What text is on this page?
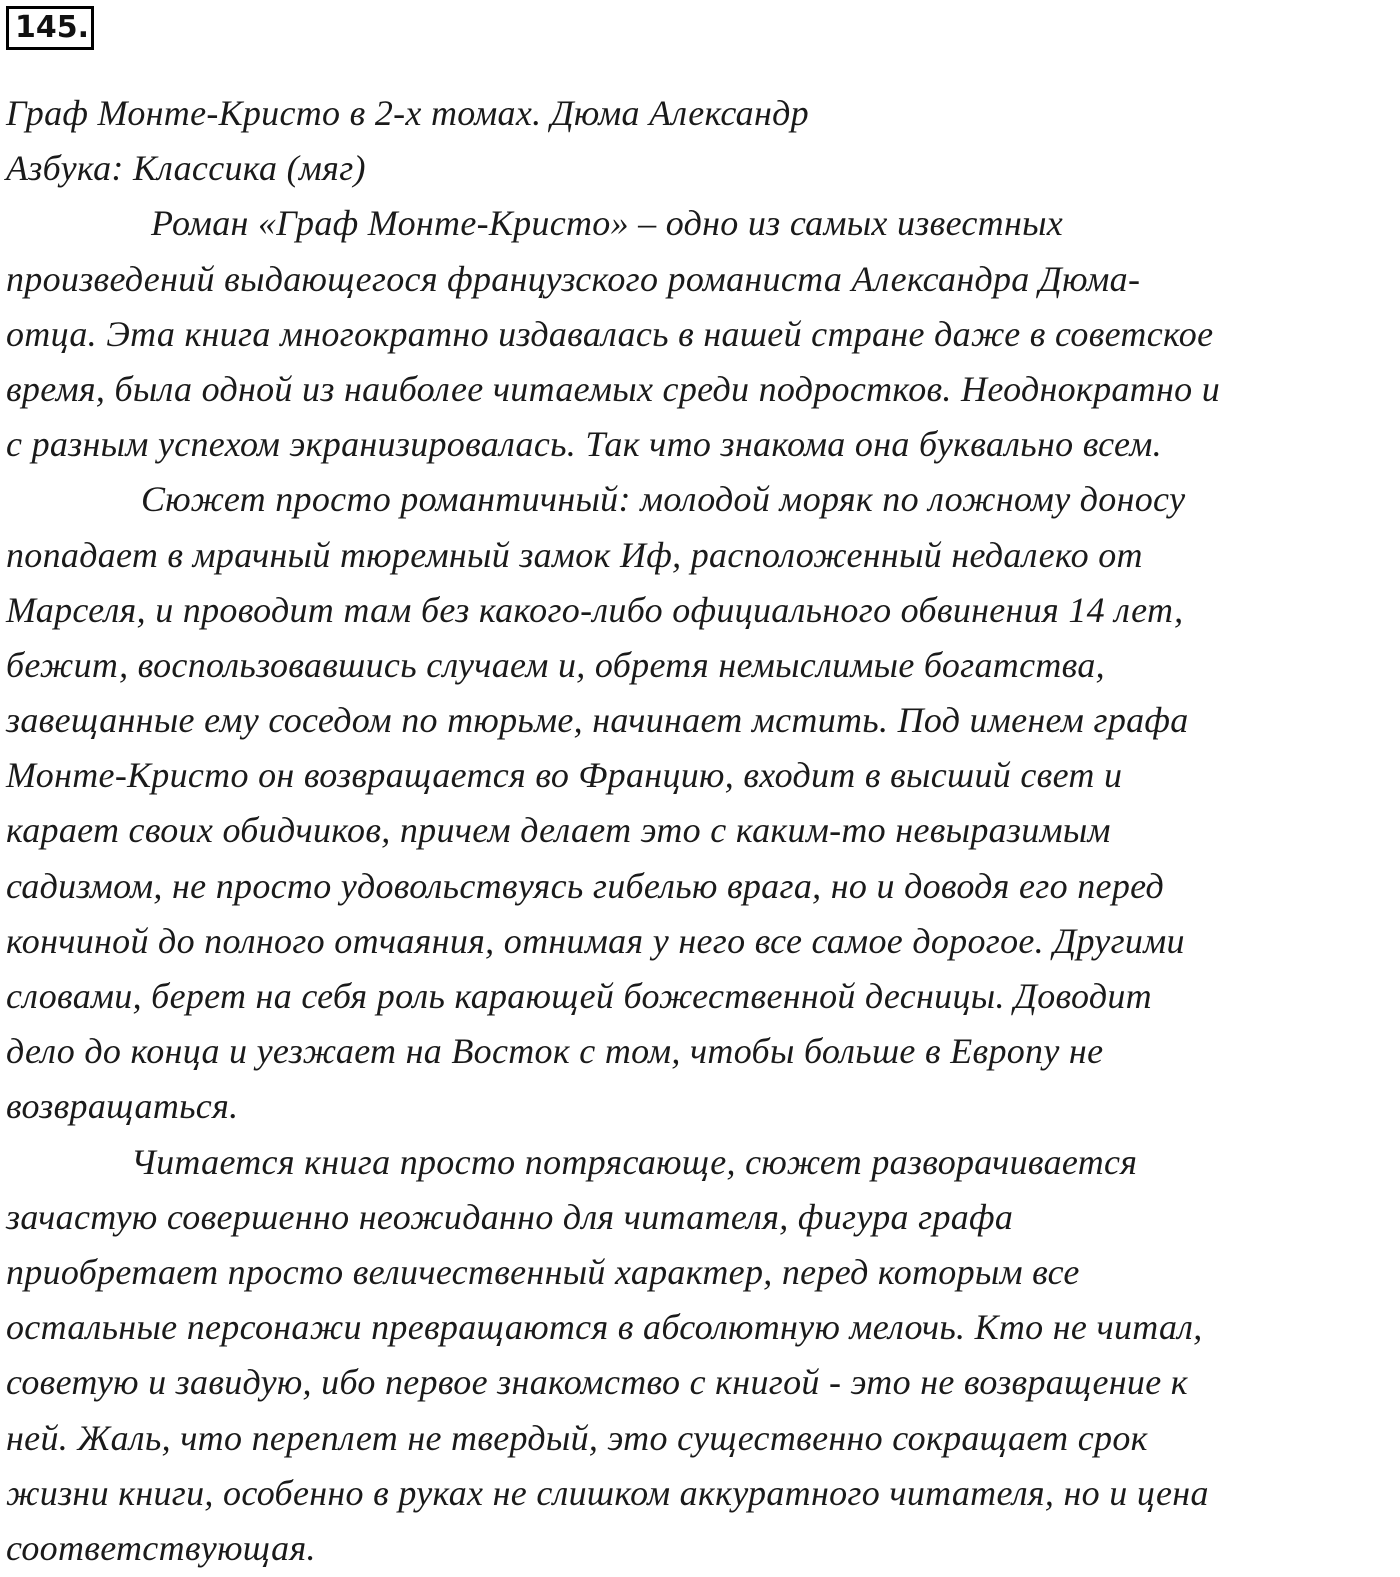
145 .
Граф Монте-Кристо в 2-х томах. Дюма Александр
Азбука: Классика (мяг)
Роман «Граф Монте-Кристо» – одно из самых известных
произведений выдающегося французского романиста Александра Дюма-
отца. Эта книга многократно издавалась в нашей стране даже в советское
время, была одной из наиболее читаемых среди подростков. Неоднократно и
с разным успехом экранизировалась. Так что знакома она буквально всем.
Сюжет просто романтичный: молодой моряк по ложному доносу
попадает в мрачный тюремный замок Иф, расположенный недалеко от
Марселя, и проводит там без какого-либо официального обвинения 14 лет,
бежит, воспользовавшись случаем и, обретя немыслимые богатства,
завещанные ему соседом по тюрьме, начинает мстить. Под именем графа
Монте-Кристо он возвращается во Францию, входит в высший свет и
карает своих обидчиков, причем делает это с каким-то невыразимым
садизмом, не просто удовольствуясь гибелью врага, но и доводя его перед
кончиной до полного отчаяния, отнимая у него все самое дорогое. Другими
словами, берет на себя роль карающей божественной десницы. Доводит
дело до конца и уезжает на Восток с том, чтобы больше в Европу не
возвращаться.
Читается книга просто потрясающе, сюжет разворачивается
зачастую совершенно неожиданно для читателя, фигура графа
приобретает просто величественный характер, перед которым все
остальные персонажи превращаются в абсолютную мелочь. Кто не читал,
советую и завидую, ибо первое знакомство с книгой - это не возвращение к
ней. Жаль, что переплет не твердый, это существенно сокращает срок
жизни книги, особенно в руках не слишком аккуратного читателя, но и цена
соответствующая.
